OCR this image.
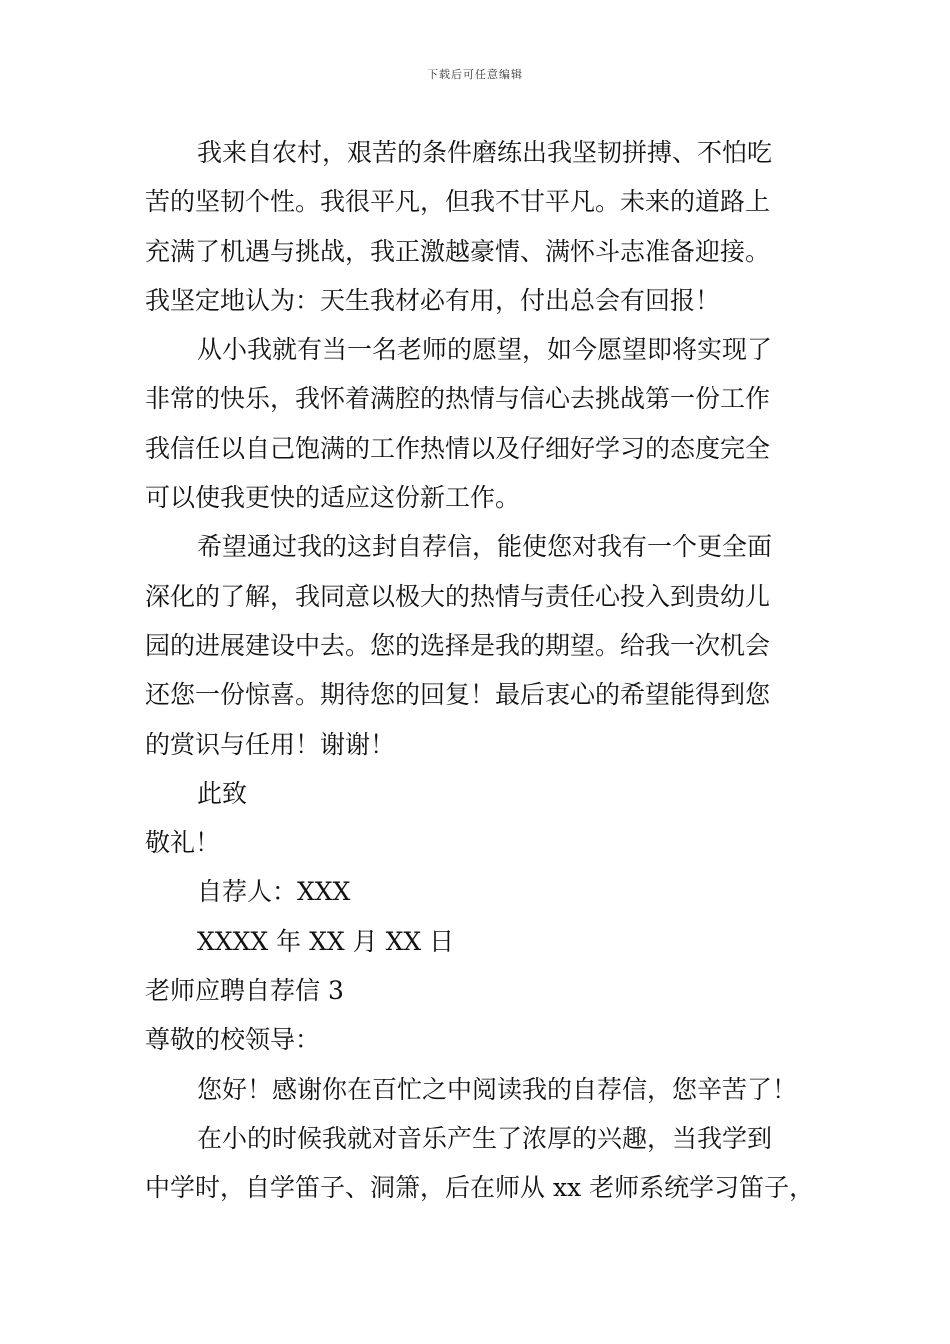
下载后可任意编辑
我来自农村，艰苦的条件磨练出我坚韧拼搏、不怕吃
苦的坚韧个性。我很平凡，但我不甘平凡。未来的道路上
充满了机遇与挑战，我正激越豪情、满怀斗志准备迎接。
我坚定地认为：天生我材必有用，付出总会有回报！
从小我就有当一名老师的愿望，如今愿望即将实现了
非常的快乐，我怀着满腔的热情与信心去挑战第一份工作
我信任以自己饱满的工作热情以及仔细好学习的态度完全
可以使我更快的适应这份新工作。
希望通过我的这封自荐信，能使您对我有一个更全面
深化的了解，我同意以极大的热情与责任心投入到贵幼儿
园的进展建设中去。您的选择是我的期望。给我一次机会
还您一份惊喜。期待您的回复！最后衷心的希望能得到您
的赏识与任用！谢谢！
此致
敬礼！
自荐人：XXX
XXXX 年 XX 月 XX 日
老师应聘自荐信 3
尊敬的校领导：
您好！感谢你在百忙之中阅读我的自荐信，您辛苦了！
在小的时候我就对音乐产生了浓厚的兴趣，当我学到
中学时，自学笛子、洞箫，后在师从 xx 老师系统学习笛子，
